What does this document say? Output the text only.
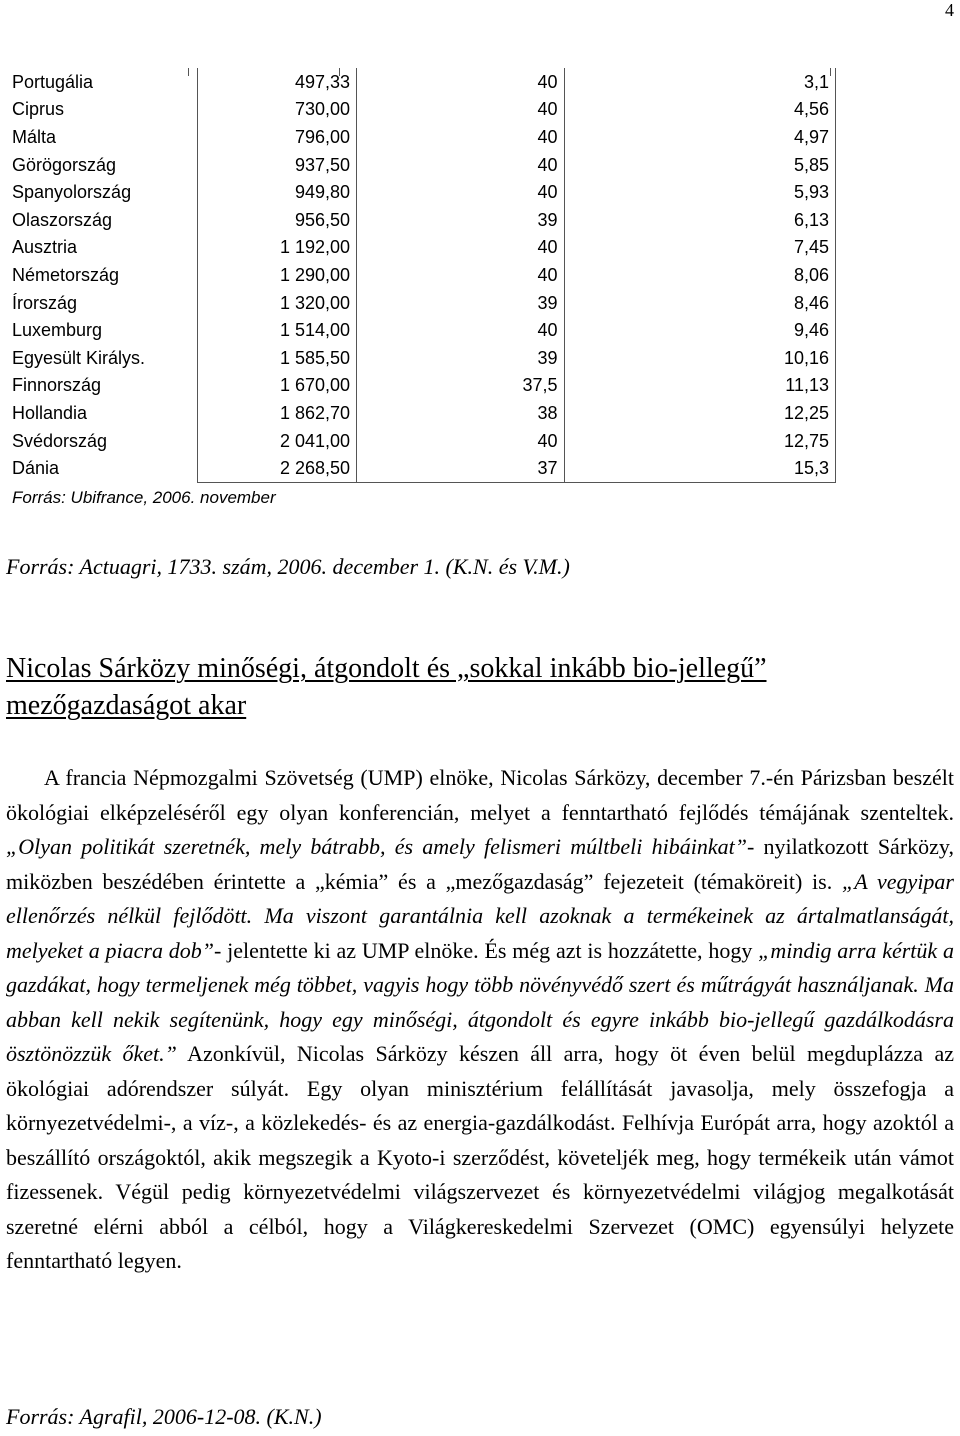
4
Portugália	497,33	40	3,1
Ciprus	730,00	40	4,56
Málta	796,00	40	4,97
Görögország	937,50	40	5,85
Spanyolország	949,80	40	5,93
Olaszország	956,50	39	6,13
Ausztria	1 192,00	40	7,45
Németország	1 290,00	40	8,06
Írország	1 320,00	39	8,46
Luxemburg	1 514,00	40	9,46
Egyesült Királys.	1 585,50	39	10,16
Finnország	1 670,00	37,5	11,13
Hollandia	1 862,70	38	12,25
Svédország	2 041,00	40	12,75
Dánia	2 268,50	37	15,3
Forrás: Ubifrance, 2006. november			
Forrás: Actuagri, 1733. szám, 2006. december 1. (K.N. és V.M.)
Nicolas Sárközy minőségi, átgondolt és „sokkal inkább bio-jellegű” mezőgazdaságot akar

A francia Népmozgalmi Szövetség (UMP) elnöke, Nicolas Sárközy, december 7.-én Párizsban beszélt ökológiai elképzeléséről egy olyan konferencián, melyet a fenntartható fejlődés témájának szenteltek. „Olyan politikát szeretnék, mely bátrabb, és amely felismeri múltbeli hibáinkat”- nyilatkozott Sárközy, miközben beszédében érintette a „kémia” és a „mezőgazdaság” fejezeteit (témaköreit) is. „A vegyipar ellenőrzés nélkül fejlődött. Ma viszont garantálnia kell azoknak a termékeinek az ártalmatlanságát, melyeket a piacra dob”- jelentette ki az UMP elnöke. És még azt is hozzátette, hogy „mindig arra kértük a gazdákat, hogy termeljenek még többet, vagyis hogy több növényvédő szert és műtrágyát használjanak. Ma abban kell nekik segítenünk, hogy egy minőségi, átgondolt és egyre inkább bio-jellegű gazdálkodásra ösztönözzük őket.” Azonkívül, Nicolas Sárközy készen áll arra, hogy öt éven belül megduplázza az ökológiai adórendszer súlyát. Egy olyan minisztérium felállítását javasolja, mely összefogja a környezetvédelmi-, a víz-, a közlekedés- és az energia-gazdálkodást. Felhívja Európát arra, hogy azoktól a beszállító országoktól, akik megszegik a Kyoto-i szerződést, követeljék meg, hogy termékeik után vámot fizessenek. Végül pedig környezetvédelmi világszervezet és környezetvédelmi világjog megalkotását szeretné elérni abból a célból, hogy a Világkereskedelmi Szervezet (OMC) egyensúlyi helyzete fenntartható legyen.

Forrás: Agrafil, 2006-12-08. (K.N.)
